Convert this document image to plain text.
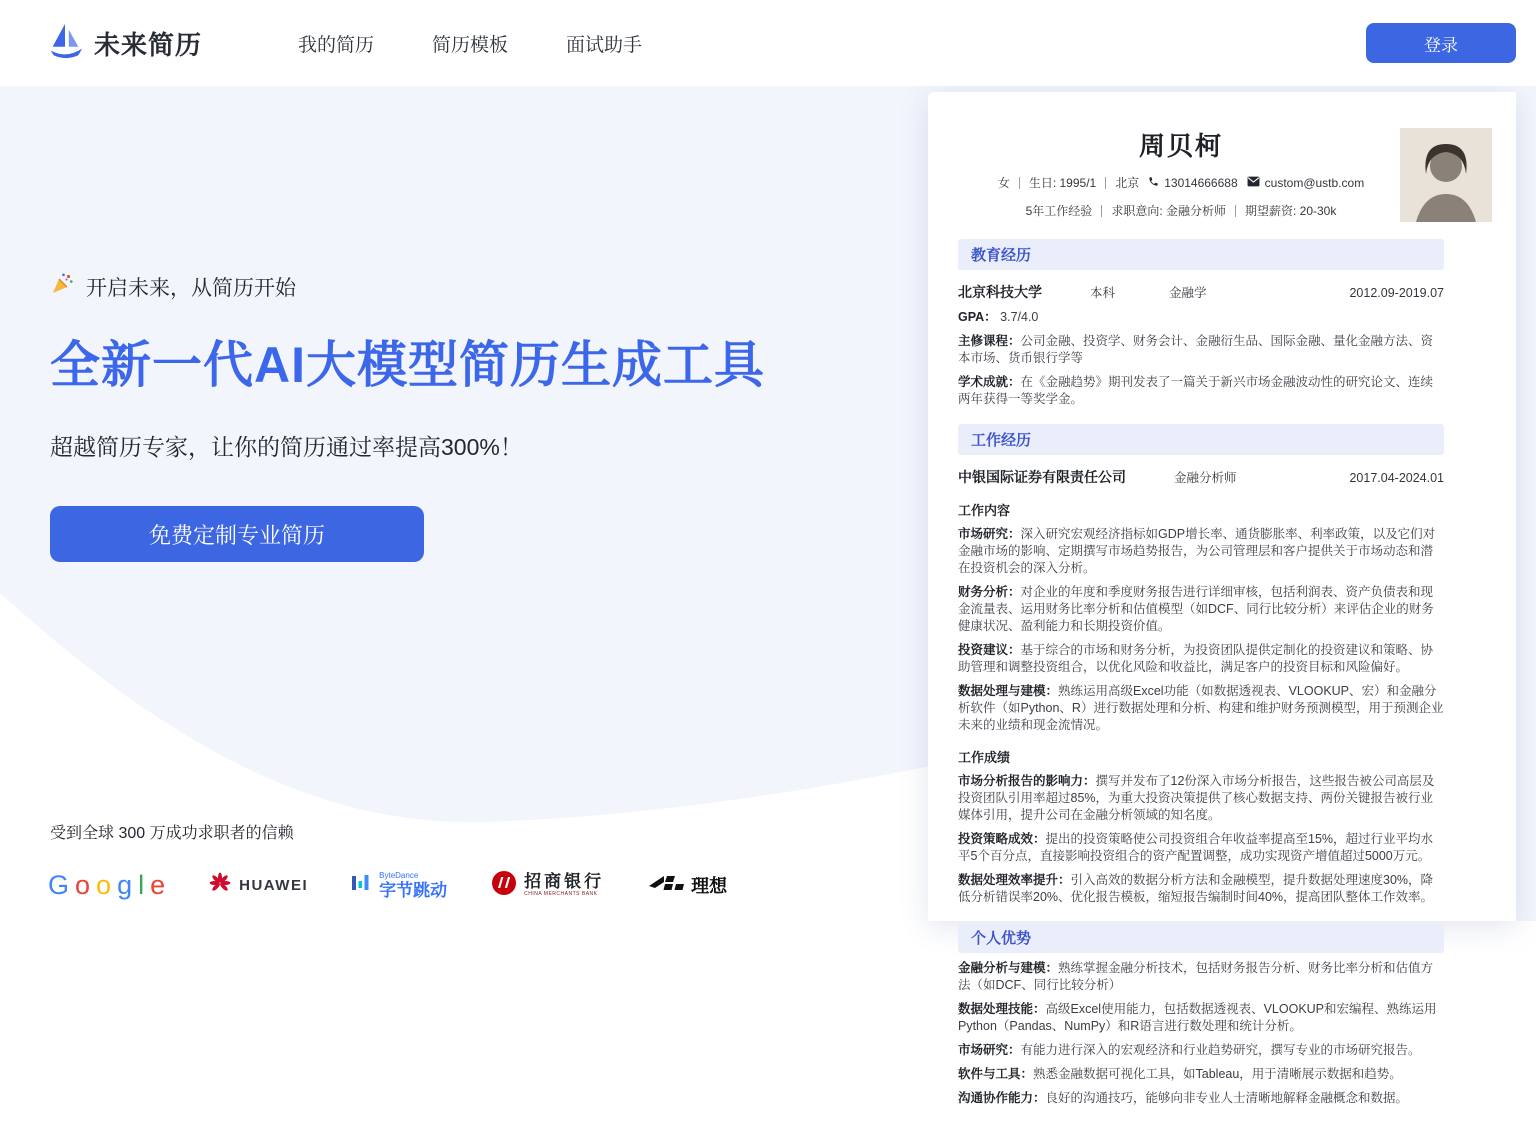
未来简历	我的简历	简历模板	面试助手	登录
开启未来，从简历开始
全新一代AI大模型简历生成工具

超越简历专家，让你的简历通过率提高300%！

免费定制专业简历

受到全球 300 万成功求职者的信赖

G o o g l e	HUAWEI
ByteDance
字节跳动	招商银行
CHINA MERCHANTS BANK	理想
周贝柯
女 生日: 1995/1 北京 13014666688 custom@ustb.com
5年工作经验 求职意向: 金融分析师 期望薪资: 20-30k
教育经历
北京科技大学	本科	金融学	2012.09-2019.07

GPA： 3.7/4.0

主修课程：公司金融、投资学、财务会计、金融衍生品、国际金融、量化金融方法、资本市场、货币银行学等

学术成就：在《金融趋势》期刊发表了一篇关于新兴市场金融波动性的研究论文、连续两年获得一等奖学金。

工作经历
中银国际证券有限责任公司	金融分析师	2017.04-2024.01
工作内容

市场研究：深入研究宏观经济指标如GDP增长率、通货膨胀率、利率政策，以及它们对金融市场的影响、定期撰写市场趋势报告，为公司管理层和客户提供关于市场动态和潜在投资机会的深入分析。

财务分析：对企业的年度和季度财务报告进行详细审核，包括利润表、资产负债表和现金流量表、运用财务比率分析和估值模型（如DCF、同行比较分析）来评估企业的财务健康状况、盈利能力和长期投资价值。

投资建议：基于综合的市场和财务分析，为投资团队提供定制化的投资建议和策略、协助管理和调整投资组合，以优化风险和收益比，满足客户的投资目标和风险偏好。

数据处理与建模：熟练运用高级Excel功能（如数据透视表、VLOOKUP、宏）和金融分析软件（如Python、R）进行数据处理和分析、构建和维护财务预测模型，用于预测企业未来的业绩和现金流情况。

工作成绩

市场分析报告的影响力：撰写并发布了12份深入市场分析报告，这些报告被公司高层及投资团队引用率超过85%，为重大投资决策提供了核心数据支持、两份关键报告被行业媒体引用，提升公司在金融分析领域的知名度。

投资策略成效：提出的投资策略使公司投资组合年收益率提高至15%，超过行业平均水平5个百分点，直接影响投资组合的资产配置调整，成功实现资产增值超过5000万元。

数据处理效率提升：引入高效的数据分析方法和金融模型，提升数据处理速度30%，降低分析错误率20%、优化报告模板，缩短报告编制时间40%，提高团队整体工作效率。

个人优势

金融分析与建模：熟练掌握金融分析技术，包括财务报告分析、财务比率分析和估值方法（如DCF、同行比较分析）

数据处理技能：高级Excel使用能力，包括数据透视表、VLOOKUP和宏编程、熟练运用Python（Pandas、NumPy）和R语言进行数处理和统计分析。

市场研究：有能力进行深入的宏观经济和行业趋势研究，撰写专业的市场研究报告。

软件与工具：熟悉金融数据可视化工具，如Tableau，用于清晰展示数据和趋势。

沟通协作能力：良好的沟通技巧，能够向非专业人士清晰地解释金融概念和数据。
